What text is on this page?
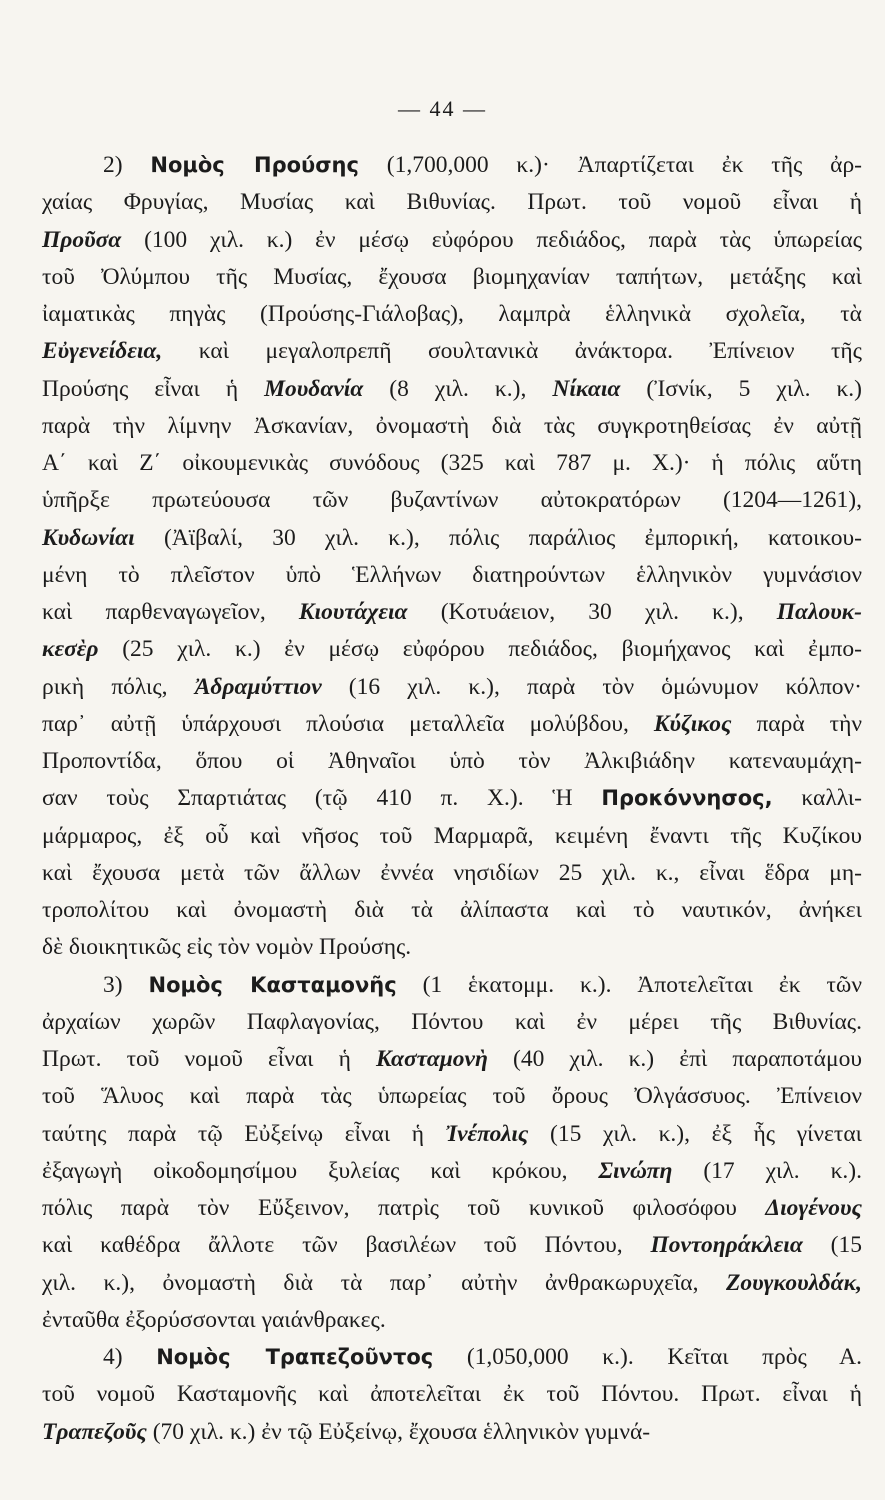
— 44 —
2) Νομὸς Προύσης (1,700,000 κ.)· Ἀπαρτίζεται ἐκ τῆς ἀρ-
χαίας Φρυγίας, Μυσίας καὶ Βιθυνίας. Πρωτ. τοῦ νομοῦ εἶναι ἡ
Προῦσα (100 χιλ. κ.) ἐν μέσῳ εὐφόρου πεδιάδος, παρὰ τὰς ὑπωρείας
τοῦ Ὀλύμπου τῆς Μυσίας, ἔχουσα βιομηχανίαν ταπήτων, μετάξης καὶ
ἰαματικὰς πηγὰς (Προύσης-Γιάλοβας), λαμπρὰ ἑλληνικὰ σχολεῖα, τὰ
Εὐγενείδεια, καὶ μεγαλοπρεπῆ σουλτανικὰ ἀνάκτορα. Ἐπίνειον τῆς
Προύσης εἶναι ἡ Μουδανία (8 χιλ. κ.), Νίκαια (Ἰσνίκ, 5 χιλ. κ.)
παρὰ τὴν λίμνην Ἀσκανίαν, ὀνομαστὴ διὰ τὰς συγκροτηθείσας ἐν αὐτῇ
Α΄ καὶ Ζ΄ οἰκουμενικὰς συνόδους (325 καὶ 787 μ. Χ.)· ἡ πόλις αὕτη
ὑπῆρξε πρωτεύουσα τῶν βυζαντίνων αὐτοκρατόρων (1204—1261),
Κυδωνίαι (Ἀϊβαλί, 30 χιλ. κ.), πόλις παράλιος ἐμπορική, κατοικου-
μένη τὸ πλεῖστον ὑπὸ Ἑλλήνων διατηρούντων ἑλληνικὸν γυμνάσιον
καὶ παρθεναγωγεῖον, Κιουτάχεια (Κοτυάειον, 30 χιλ. κ.), Παλουκ-
κεσὲρ (25 χιλ. κ.) ἐν μέσῳ εὐφόρου πεδιάδος, βιομήχανος καὶ ἐμπο-
ρικὴ πόλις, Ἀδραμύττιον (16 χιλ. κ.), παρὰ τὸν ὁμώνυμον κόλπον·
παρ᾽ αὐτῇ ὑπάρχουσι πλούσια μεταλλεῖα μολύβδου, Κύζικος παρὰ τὴν
Προποντίδα, ὅπου οἱ Ἀθηναῖοι ὑπὸ τὸν Ἀλκιβιάδην κατεναυμάχη-
σαν τοὺς Σπαρτιάτας (τῷ 410 π. Χ.). Ἡ Προκόννησος, καλλι-
μάρμαρος, ἐξ οὗ καὶ νῆσος τοῦ Μαρμαρᾶ, κειμένη ἔναντι τῆς Κυζίκου
καὶ ἔχουσα μετὰ τῶν ἄλλων ἐννέα νησιδίων 25 χιλ. κ., εἶναι ἕδρα μη-
τροπολίτου καὶ ὀνομαστὴ διὰ τὰ ἀλίπαστα καὶ τὸ ναυτικόν, ἀνήκει
δὲ διοικητικῶς εἰς τὸν νομὸν Προύσης.
3) Νομὸς Κασταμονῆς (1 ἑκατομμ. κ.). Ἀποτελεῖται ἐκ τῶν
ἀρχαίων χωρῶν Παφλαγονίας, Πόντου καὶ ἐν μέρει τῆς Βιθυνίας.
Πρωτ. τοῦ νομοῦ εἶναι ἡ Κασταμονὴ (40 χιλ. κ.) ἐπὶ παραποτάμου
τοῦ Ἅλυος καὶ παρὰ τὰς ὑπωρείας τοῦ ὄρους Ὀλγάσσυος. Ἐπίνειον
ταύτης παρὰ τῷ Εὐξείνῳ εἶναι ἡ Ἰνέπολις (15 χιλ. κ.), ἐξ ἧς γίνεται
ἐξαγωγὴ οἰκοδομησίμου ξυλείας καὶ κρόκου, Σινώπη (17 χιλ. κ.).
πόλις παρὰ τὸν Εὔξεινον, πατρὶς τοῦ κυνικοῦ φιλοσόφου Διογένους
καὶ καθέδρα ἄλλοτε τῶν βασιλέων τοῦ Πόντου, Ποντοηράκλεια (15
χιλ. κ.), ὀνομαστὴ διὰ τὰ παρ᾽ αὐτὴν ἀνθρακωρυχεῖα, Ζουγκουλδάκ,
ἐνταῦθα ἐξορύσσονται γαιάνθρακες.
4) Νομὸς Τραπεζοῦντος (1,050,000 κ.). Κεῖται πρὸς Α.
τοῦ νομοῦ Κασταμονῆς καὶ ἀποτελεῖται ἐκ τοῦ Πόντου. Πρωτ. εἶναι ἡ
Τραπεζοῦς (70 χιλ. κ.) ἐν τῷ Εὐξείνῳ, ἔχουσα ἑλληνικὸν γυμνά-
